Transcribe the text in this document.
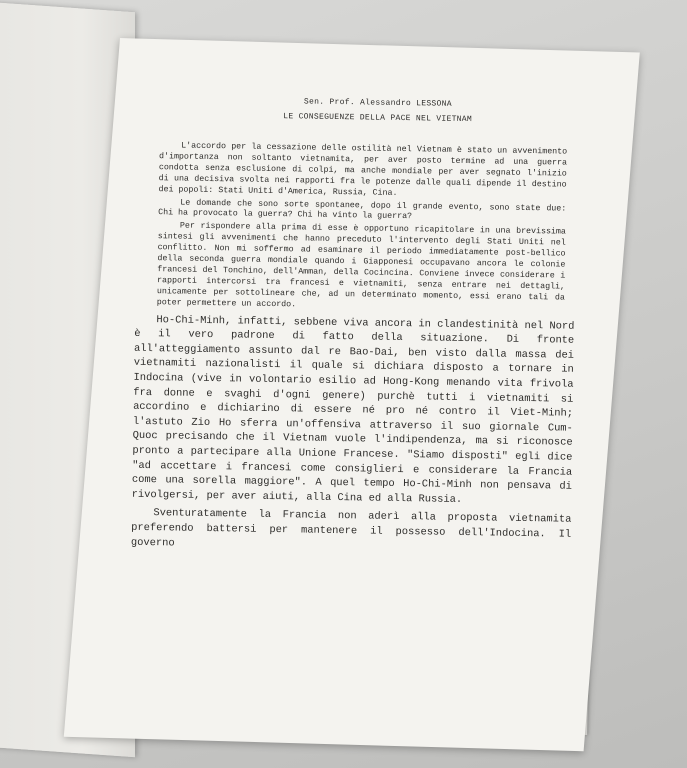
Sen. Prof. Alessandro LESSONA
LE CONSEGUENZE DELLA PACE NEL VIETNAM

L'accordo per la cessazione delle ostilità nel Vietnam è stato un avvenimento d'importanza non soltanto vietnamita, per aver posto termine ad una guerra condotta senza esclusione di colpi, ma anche mondiale per aver segnato l'inizio di una decisiva svolta nei rapporti fra le potenze dalle quali dipende il destino dei popoli: Stati Uniti d'America, Russia, Cina.

Le domande che sono sorte spontanee, dopo il grande evento, sono state due: Chi ha provocato la guerra? Chi ha vinto la guerra?

Per rispondere alla prima di esse è opportuno ricapitolare in una brevissima sintesi gli avvenimenti che hanno preceduto l'intervento degli Stati Uniti nel conflitto. Non mi soffermo ad esaminare il periodo immediatamente post-bellico della seconda guerra mondiale quando i Giapponesi occupavano ancora le colonie francesi del Tonchino, dell'Amman, della Cocincina. Conviene invece considerare i rapporti intercorsi tra francesi e vietnamiti, senza entrare nei dettagli, unicamente per sottolineare che, ad un determinato momento, essi erano tali da poter permettere un accordo.

Ho-Chi-Minh, infatti, sebbene viva ancora in clandestinità nel Nord è il vero padrone di fatto della situazione. Di fronte all'atteggiamento assunto dal re Bao-Dai, ben visto dalla massa dei vietnamiti nazionalisti il quale si dichiara disposto a tornare in Indocina (vive in volontario esilio ad Hong-Kong menando vita frivola fra donne e svaghi d'ogni genere) purchè tutti i vietnamiti si accordino e dichiarino di essere né pro né contro il Viet-Minh; l'astuto Zio Ho sferra un'offensiva attraverso il suo giornale Cum-Quoc precisando che il Vietnam vuole l'indipendenza, ma si riconosce pronto a partecipare alla Unione Francese. "Siamo disposti" egli dice "ad accettare i francesi come consiglieri e considerare la Francia come una sorella maggiore". A quel tempo Ho-Chi-Minh non pensava di rivolgersi, per aver aiuti, alla Cina ed alla Russia.

Sventuratamente la Francia non aderì alla proposta vietnamita preferendo battersi per mantenere il possesso dell'Indocina. Il governo
